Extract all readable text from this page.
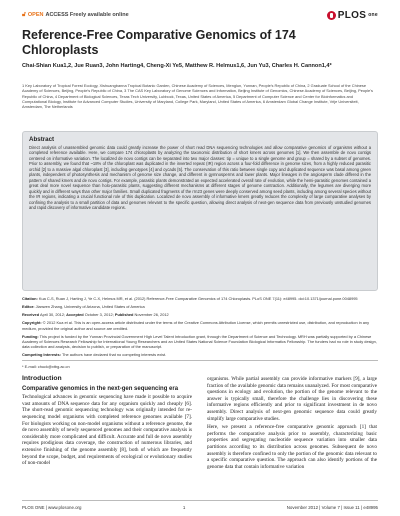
🔓︎ OPEN ACCESS Freely available online	PLOS one
Reference-Free Comparative Genomics of 174 Chloroplasts
Chai-Shian Kua1,2, Jue Ruan3, John Harting4, Cheng-Xi Ye5, Matthew R. Helmus1,6, Jun Yu3, Charles H. Cannon1,4*
1 Key Laboratory of Tropical Forest Ecology, Xishuangbanna Tropical Botanic Garden, Chinese Academy of Sciences, Menglun, Yunnan, People's Republic of China, 2 Graduate School of the Chinese Academy of Sciences, Beijing, People's Republic of China, 3 The CAS Key Laboratory of Genome Sciences and Information, Beijing Institute of Genomics, Chinese Academy of Sciences, Beijing, People's Republic of China, 4 Department of Biological Sciences, Texas Tech University, Lubbock, Texas, United States of America, 5 Department of Computer Science and Center for Bioinformatics and Computational Biology, Institute for Advanced Computer Studies, University of Maryland, College Park, Maryland, United States of America, 6 Amsterdam Global Change Institute, Vrije Universiteit, Amsterdam, The Netherlands
Abstract

Direct analysis of unassembled genomic data could greatly increase the power of short read DNA sequencing technologies and allow comparative genomics of organisms without a completed reference available. Here, we compare 174 chloroplasts by analyzing the taxonomic distribution of short kmers across genomes [1]. We then assemble de novo contigs centered on informative variation. The localized de novo contigs can be separated into two major classes: tip = unique to a single genome and group = shared by a subset of genomes. Prior to assembly, we found that ~18% of the chloroplast was duplicated in the inverted repeat (IR) region across a four-fold difference in genome sizes, from a highly reduced parasitic orchid [2] to a massive algal chloroplast [3], including genotypes [4] and cycads [5]. The conservation of this ratio between single copy and duplicated sequence was basal among green plants, independent of photosynthesis and mechanism of genome size change, and different in gymnosperms and lower plants. Major lineages in the angiosperm clade differed in the pattern of shared kmers and de novo contigs. For example, parasitic plants demonstrated an expected accelerated overall rate of evolution, while the hemi-parasitic genomes contained a great deal more novel sequence than holo-parasitic plants, suggesting different mechanisms at different stages of genome contraction. Additionally, the legumes are diverging more quickly and in different ways than other major families. Small duplicated fragments of the rrn23 genes were deeply conserved among seed plants, including among several species without the IR regions, indicating a crucial functional role of this duplication. Localized de novo assembly of informative kmers greatly reduces the complexity of large comparative analyses by confining the analysis to a small partition of data and genomes relevant to the specific question, allowing direct analysis of next-gen sequence data from previously unstudied genomes and rapid discovery of informative candidate regions.

Citation: Kua C-S, Ruan J, Harting J, Ye C-X, Helmus MR, et al. (2012) Reference-Free Comparative Genomics of 174 Chloroplasts. PLoS ONE 7(11): e48995. doi:10.1371/journal.pone.0048995

Editor: Jianwen Zhang, University of Arizona, United States of America

Received April 30, 2012; Accepted October 3, 2012; Published November 26, 2012

Copyright: © 2012 Kua et al. This is an open-access article distributed under the terms of the Creative Commons Attribution License, which permits unrestricted use, distribution, and reproduction in any medium, provided the original author and source are credited.

Funding: This project is funded by the Yunnan Provincial Government High Level Talent Introduction grant, through the Department of Science and Technology. MRH was partially supported by a Chinese Academy of Sciences Research Fellowship for International Young Researchers and an United States National Science Foundation Biological Informatics Fellowship. The funders had no role in study design, data collection and analysis, decision to publish, or preparation of the manuscript.

Competing Interests: The authors have declared that no competing interests exist.

* E-mail: chuck@xtbg.ac.cn

Introduction
Comparative genomics in the next-gen sequencing era

Technological advances in genomic sequencing have made it possible to acquire vast amounts of DNA sequence data for any organism quickly and cheaply [6]. The short-read genomic sequencing technology was originally intended for re-sequencing model organisms with completed reference genomes available [7]. For biologists working on non-model organisms without a reference genome, the de novo assembly of newly sequenced genomes and their comparative analysis is considerably more complicated and difficult. Accurate and full de novo assembly requires prodigious data coverage, the construction of numerous libraries, and extensive finishing of the genome assembly [8], both of which are frequently beyond the scope, budget, and requirements of ecological or evolutionary studies of non-model

organisms. While partial assembly can provide informative markers [9], a large fraction of the available genomic data remains unanalyzed. For most comparative questions in ecology and evolution, the portion of the genome relevant to the answer is typically small, therefore the challenge lies in discovering these informative regions efficiently and prior to significant investment in de novo assembly. Direct analysis of next-gen genomic sequence data could greatly simplify large comparative studies.

Here, we present a reference-free comparative genomic approach [1] that performs the comparative analysis prior to assembly, characterizing basic properties and segregating nucleotide sequence variation into smaller data partitions according to its distribution across genomes. Subsequent de novo assembly is therefore confined to only the portion of the genomic data relevant to a specific comparative question. The approach can also identify portions of the genome data that contain informative variation

PLOS ONE | www.plosone.org	1	November 2012 | Volume 7 | Issue 11 | e48995
